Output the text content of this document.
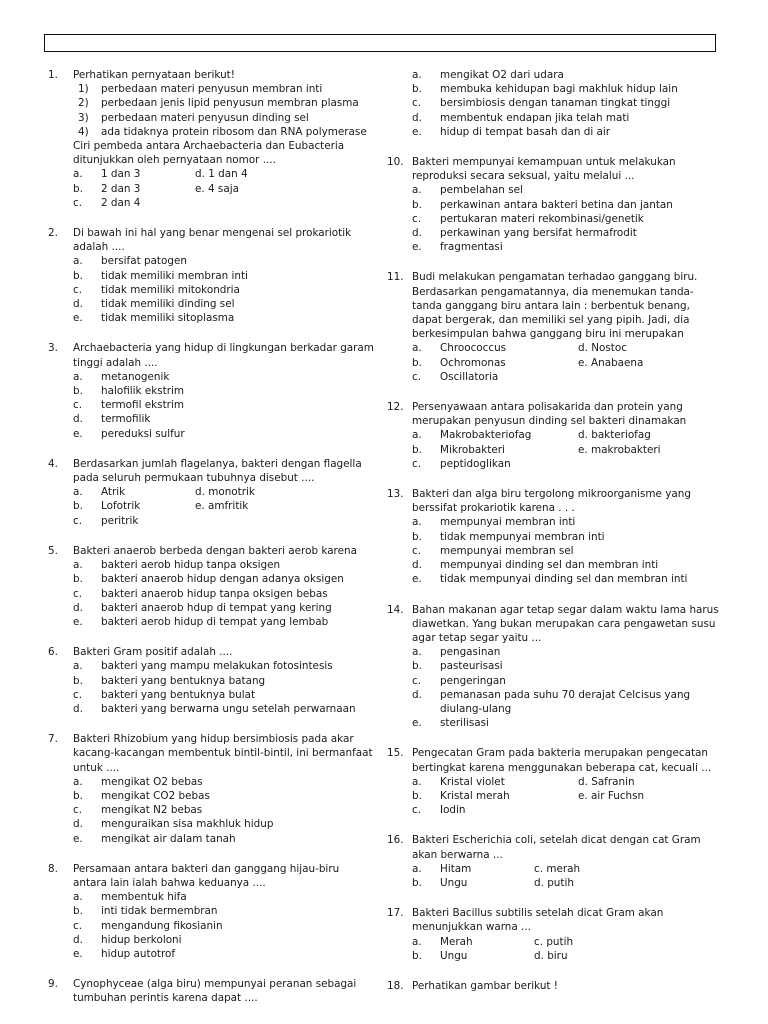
1. Perhatikan pernyataan berikut!
1) perbedaan materi penyusun membran inti
2) perbedaan jenis lipid penyusun membran plasma
3) perbedaan materi penyusun dinding sel
4) ada tidaknya protein ribosom dan RNA polymerase
Ciri pembeda antara Archaebacteria dan Eubacteria ditunjukkan oleh pernyataan nomor ....
a. 1 dan 3	d. 1 dan 4
b. 2 dan 3	e. 4 saja
c. 2 dan 4
2. Di bawah ini hal yang benar mengenai sel prokariotik adalah ....
a. bersifat patogen
b. tidak memiliki membran inti
c. tidak memiliki mitokondria
d. tidak memiliki dinding sel
e. tidak memiliki sitoplasma
3. Archaebacteria yang hidup di lingkungan berkadar garam tinggi adalah ....
a. metanogenik
b. halofilik ekstrim
c. termofil ekstrim
d. termofilik
e. pereduksi sulfur
4. Berdasarkan jumlah flagelanya, bakteri dengan flagella pada seluruh permukaan tubuhnya disebut ....
a. Atrik	d. monotrik
b. Lofotrik	e. amfritik
c. peritrik
5. Bakteri anaerob berbeda dengan bakteri aerob karena
a. bakteri aerob hidup tanpa oksigen
b. bakteri anaerob hidup dengan adanya oksigen
c. bakteri anaerob hidup tanpa oksigen bebas
d. bakteri anaerob hdup di tempat yang kering
e. bakteri aerob hidup di tempat yang lembab
6. Bakteri Gram positif adalah ....
a. bakteri yang mampu melakukan fotosintesis
b. bakteri yang bentuknya batang
c. bakteri yang bentuknya bulat
d. bakteri yang berwarna ungu setelah perwarnaan
7. Bakteri Rhizobium yang hidup bersimbiosis pada akar kacang-kacangan membentuk bintil-bintil, ini bermanfaat untuk ....
a. mengikat O2 bebas
b. mengikat CO2 bebas
c. mengikat N2 bebas
d. menguraikan sisa makhluk hidup
e. mengikat air dalam tanah
8. Persamaan antara bakteri dan ganggang hijau-biru antara lain ialah bahwa keduanya ....
a. membentuk hifa
b. inti tidak bermembran
c. mengandung fikosianin
d. hidup berkoloni
e. hidup autotrof
9. Cynophyceae (alga biru) mempunyai peranan sebagai tumbuhan perintis karena dapat ....
a. mengikat O2 dari udara
b. membuka kehidupan bagi makhluk hidup lain
c. bersimbiosis dengan tanaman tingkat tinggi
d. membentuk endapan jika telah mati
e. hidup di tempat basah dan di air
10. Bakteri mempunyai kemampuan untuk melakukan reproduksi secara seksual, yaitu melalui ...
a. pembelahan sel
b. perkawinan antara bakteri betina dan jantan
c. pertukaran materi rekombinasi/genetik
d. perkawinan yang bersifat hermafrodit
e. fragmentasi
11. Budi melakukan pengamatan terhadao ganggang biru. Berdasarkan pengamatannya, dia menemukan tanda-tanda ganggang biru antara lain : berbentuk benang, dapat bergerak, dan memiliki sel yang pipih. Jadi, dia berkesimpulan bahwa ganggang biru ini merupakan
a. Chroococcus	d. Nostoc
b. Ochromonas	e. Anabaena
c. Oscillatoria
12. Persenyawaan antara polisakarida dan protein yang merupakan penyusun dinding sel bakteri dinamakan
a. Makrobakteriofag	d. bakteriofag
b. Mikrobakteri	e. makrobakteri
c. peptidoglikan
13. Bakteri dan alga biru tergolong mikroorganisme yang berssifat prokariotik karena . . .
a. mempunyai membran inti
b. tidak mempunyai membran inti
c. mempunyai membran sel
d. mempunyai dinding sel dan membran inti
e. tidak mempunyai dinding sel dan membran inti
14. Bahan makanan agar tetap segar dalam waktu lama harus diawetkan. Yang bukan merupakan cara pengawetan susu agar tetap segar yaitu ...
a. pengasinan
b. pasteurisasi
c. pengeringan
d. pemanasan pada suhu 70 derajat Celcisus yang diulang-ulang
e. sterilisasi
15. Pengecatan Gram pada bakteria merupakan pengecatan bertingkat karena menggunakan beberapa cat, kecuali ...
a. Kristal violet	d. Safranin
b. Kristal merah	e. air Fuchsn
c. Iodin
16. Bakteri Escherichia coli, setelah dicat dengan cat Gram akan berwarna ...
a. Hitam	c. merah
b. Ungu	d. putih
17. Bakteri Bacillus subtilis setelah dicat Gram akan menunjukkan warna ...
a. Merah	c. putih
b. Ungu	d. biru
18. Perhatikan gambar berikut !
